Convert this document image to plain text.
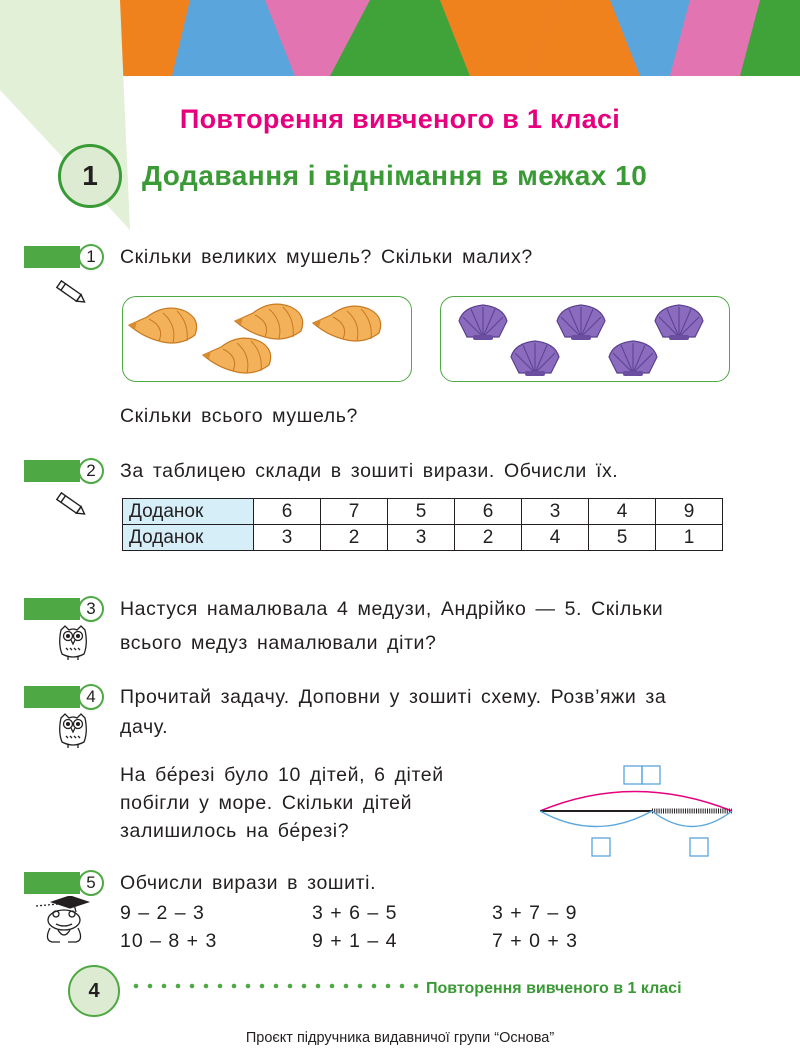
Повторення вивченого в 1 класі
1	Додавання і віднімання в межах 10
1	Скільки великих мушель? Скільки малих?
Скільки всього мушель?
2	За таблицею склади в зошиті вирази. Обчисли їх.
Доданок	6	7	5	6	3	4	9
Доданок	3	2	3	2	4	5	1
3	Настуся намалювала 4 медузи, Андрійко — 5. Скільки
всього медуз намалювали діти?
4	Прочитай задачу. Доповни у зошиті схему. Розв’яжи за
дачу.
На бе́резі було 10 дітей, 6 дітей
побігли у море. Скільки дітей
залишилось на бе́резі?
5	Обчисли вирази в зошиті.
9 – 2 – 3	3 + 6 – 5	3 + 7 – 9
10 – 8 + 3	9 + 1 – 4	7 + 0 + 3
4	Повторення вивченого в 1 класі
Проєкт підручника видавничої групи “Основа”
